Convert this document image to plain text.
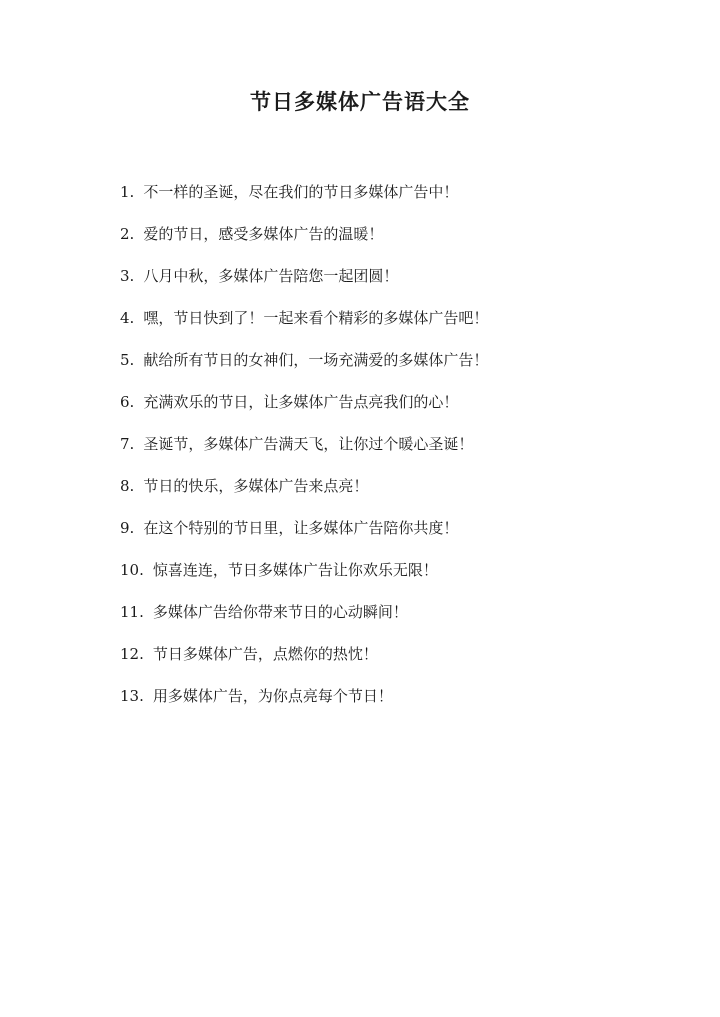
节日多媒体广告语大全
1. 不一样的圣诞，尽在我们的节日多媒体广告中！
2. 爱的节日，感受多媒体广告的温暖！
3. 八月中秋，多媒体广告陪您一起团圆！
4. 嘿，节日快到了！一起来看个精彩的多媒体广告吧！
5. 献给所有节日的女神们，一场充满爱的多媒体广告！
6. 充满欢乐的节日，让多媒体广告点亮我们的心！
7. 圣诞节，多媒体广告满天飞，让你过个暖心圣诞！
8. 节日的快乐，多媒体广告来点亮！
9. 在这个特别的节日里，让多媒体广告陪你共度！
10. 惊喜连连，节日多媒体广告让你欢乐无限！
11. 多媒体广告给你带来节日的心动瞬间！
12. 节日多媒体广告，点燃你的热忱！
13. 用多媒体广告，为你点亮每个节日！
